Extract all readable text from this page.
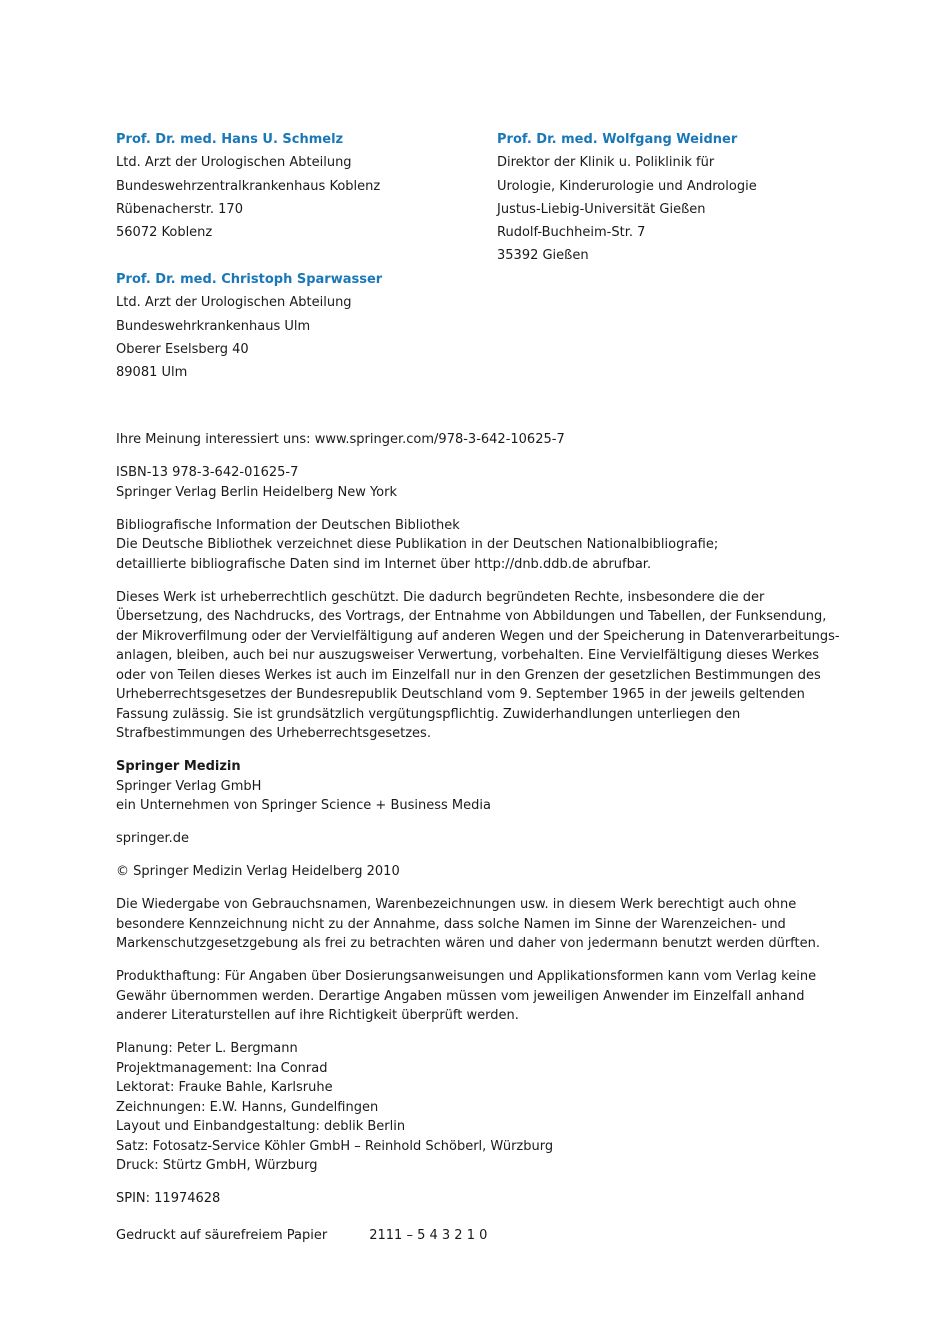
Prof. Dr. med. Hans U. Schmelz
Ltd. Arzt der Urologischen Abteilung
Bundeswehrzentralkrankenhaus Koblenz
Rübenacherstr. 170
56072 Koblenz
Prof. Dr. med. Wolfgang Weidner
Direktor der Klinik u. Poliklinik für
Urologie, Kinderurologie und Andrologie
Justus-Liebig-Universität Gießen
Rudolf-Buchheim-Str. 7
35392 Gießen
Prof. Dr. med. Christoph Sparwasser
Ltd. Arzt der Urologischen Abteilung
Bundeswehrkrankenhaus Ulm
Oberer Eselsberg 40
89081 Ulm

Ihre Meinung interessiert uns: www.springer.com/978-3-642-10625-7

ISBN-13 978-3-642-01625-7
Springer Verlag Berlin Heidelberg New York

Bibliografische Information der Deutschen Bibliothek
Die Deutsche Bibliothek verzeichnet diese Publikation in der Deutschen Nationalbibliografie;
detaillierte bibliografische Daten sind im Internet über http://dnb.ddb.de abrufbar.

Dieses Werk ist urheberrechtlich geschützt. Die dadurch begründeten Rechte, insbesondere die der
Übersetzung, des Nachdrucks, des Vortrags, der Entnahme von Abbildungen und Tabellen, der Funksendung,
der Mikroverfilmung oder der Vervielfältigung auf anderen Wegen und der Speicherung in Datenverarbeitungs-
anlagen, bleiben, auch bei nur auszugsweiser Verwertung, vorbehalten. Eine Vervielfältigung dieses Werkes
oder von Teilen dieses Werkes ist auch im Einzelfall nur in den Grenzen der gesetzlichen Bestimmungen des
Urheberrechtsgesetzes der Bundesrepublik Deutschland vom 9. September 1965 in der jeweils geltenden
Fassung zulässig. Sie ist grundsätzlich vergütungspflichtig. Zuwiderhandlungen unterliegen den
Strafbestimmungen des Urheberrechtsgesetzes.

Springer Medizin
Springer Verlag GmbH
ein Unternehmen von Springer Science + Business Media

springer.de

© Springer Medizin Verlag Heidelberg 2010

Die Wiedergabe von Gebrauchsnamen, Warenbezeichnungen usw. in diesem Werk berechtigt auch ohne
besondere Kennzeichnung nicht zu der Annahme, dass solche Namen im Sinne der Warenzeichen- und
Markenschutzgesetzgebung als frei zu betrachten wären und daher von jedermann benutzt werden dürften.

Produkthaftung: Für Angaben über Dosierungsanweisungen und Applikationsformen kann vom Verlag keine
Gewähr übernommen werden. Derartige Angaben müssen vom jeweiligen Anwender im Einzelfall anhand
anderer Literaturstellen auf ihre Richtigkeit überprüft werden.

Planung: Peter L. Bergmann
Projektmanagement: Ina Conrad
Lektorat: Frauke Bahle, Karlsruhe
Zeichnungen: E.W. Hanns, Gundelfingen
Layout und Einbandgestaltung: deblik Berlin
Satz: Fotosatz-Service Köhler GmbH – Reinhold Schöberl, Würzburg
Druck: Stürtz GmbH, Würzburg

SPIN: 11974628

Gedruckt auf säurefreiem Papier	2111 – 5 4 3 2 1 0
